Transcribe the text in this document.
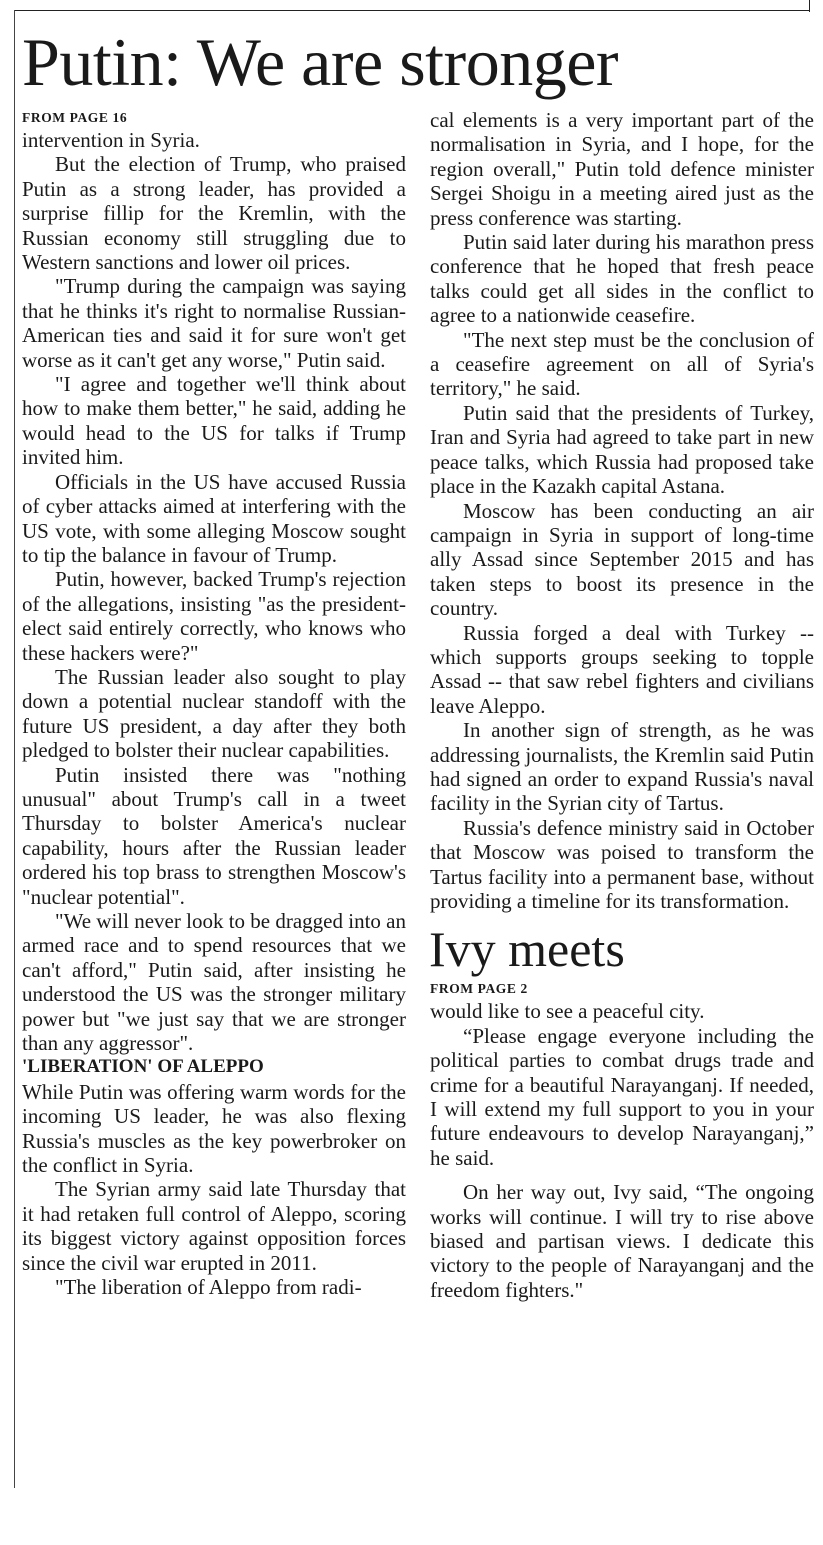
Putin: We are stronger
FROM PAGE 16

intervention in Syria.

But the election of Trump, who praised Putin as a strong leader, has provided a surprise fillip for the Kremlin, with the Russian economy still struggling due to Western sanctions and lower oil prices.

"Trump during the campaign was saying that he thinks it's right to normalise Russian-American ties and said it for sure won't get worse as it can't get any worse," Putin said.

"I agree and together we'll think about how to make them better," he said, adding he would head to the US for talks if Trump invited him.

Officials in the US have accused Russia of cyber attacks aimed at interfering with the US vote, with some alleging Moscow sought to tip the balance in favour of Trump.

Putin, however, backed Trump's rejection of the allegations, insisting "as the president-elect said entirely correctly, who knows who these hackers were?"

The Russian leader also sought to play down a potential nuclear standoff with the future US president, a day after they both pledged to bolster their nuclear capabilities.

Putin insisted there was "nothing unusual" about Trump's call in a tweet Thursday to bolster America's nuclear capability, hours after the Russian leader ordered his top brass to strengthen Moscow's "nuclear potential".

"We will never look to be dragged into an armed race and to spend resources that we can't afford," Putin said, after insisting he understood the US was the stronger military power but "we just say that we are stronger than any aggressor".

'LIBERATION' OF ALEPPO

While Putin was offering warm words for the incoming US leader, he was also flexing Russia's muscles as the key powerbroker on the conflict in Syria.

The Syrian army said late Thursday that it had retaken full control of Aleppo, scoring its biggest victory against opposition forces since the civil war erupted in 2011.

"The liberation of Aleppo from radi-

cal elements is a very important part of the normalisation in Syria, and I hope, for the region overall," Putin told defence minister Sergei Shoigu in a meeting aired just as the press conference was starting.

Putin said later during his marathon press conference that he hoped that fresh peace talks could get all sides in the conflict to agree to a nationwide ceasefire.

"The next step must be the conclusion of a ceasefire agreement on all of Syria's territory," he said.

Putin said that the presidents of Turkey, Iran and Syria had agreed to take part in new peace talks, which Russia had proposed take place in the Kazakh capital Astana.

Moscow has been conducting an air campaign in Syria in support of long-time ally Assad since September 2015 and has taken steps to boost its presence in the country.

Russia forged a deal with Turkey -- which supports groups seeking to topple Assad -- that saw rebel fighters and civilians leave Aleppo.

In another sign of strength, as he was addressing journalists, the Kremlin said Putin had signed an order to expand Russia's naval facility in the Syrian city of Tartus.

Russia's defence ministry said in October that Moscow was poised to transform the Tartus facility into a permanent base, without providing a timeline for its transformation.

Ivy meets
FROM PAGE 2

would like to see a peaceful city.

“Please engage everyone including the political parties to combat drugs trade and crime for a beautiful Narayanganj. If needed, I will extend my full support to you in your future endeavours to develop Narayanganj,” he said.

On her way out, Ivy said, “The ongoing works will continue. I will try to rise above biased and partisan views. I dedicate this victory to the people of Narayanganj and the freedom fighters."
